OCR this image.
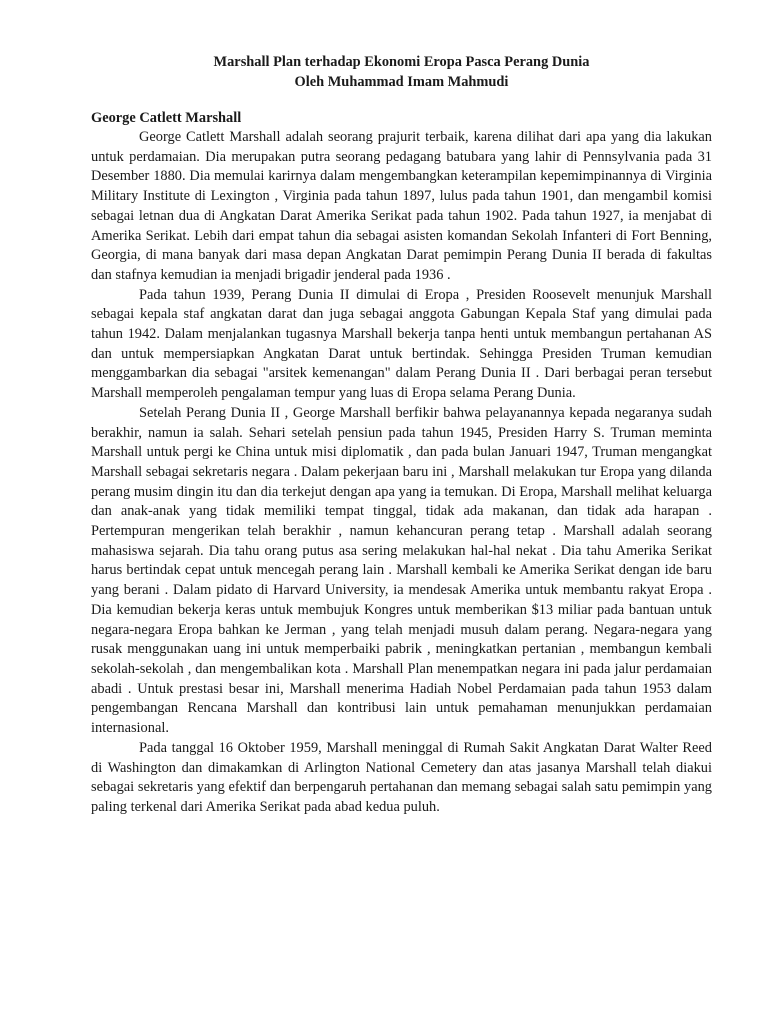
Marshall Plan terhadap Ekonomi Eropa Pasca Perang Dunia

Oleh Muhammad Imam Mahmudi

George Catlett Marshall

George Catlett Marshall adalah seorang prajurit terbaik, karena dilihat dari apa yang dia lakukan untuk perdamaian. Dia merupakan putra seorang pedagang batubara yang lahir di Pennsylvania pada 31 Desember 1880. Dia memulai karirnya dalam mengembangkan keterampilan kepemimpinannya di Virginia Military Institute di Lexington , Virginia pada tahun 1897, lulus pada tahun 1901, dan mengambil komisi sebagai letnan dua di Angkatan Darat Amerika Serikat pada tahun 1902. Pada tahun 1927, ia menjabat di Amerika Serikat. Lebih dari empat tahun dia sebagai asisten komandan Sekolah Infanteri di Fort Benning, Georgia, di mana banyak dari masa depan Angkatan Darat pemimpin Perang Dunia II berada di fakultas dan stafnya kemudian ia menjadi brigadir jenderal pada 1936 .

Pada tahun 1939, Perang Dunia II dimulai di Eropa , Presiden Roosevelt menunjuk Marshall sebagai kepala staf angkatan darat dan juga sebagai anggota Gabungan Kepala Staf yang dimulai pada tahun 1942. Dalam menjalankan tugasnya Marshall bekerja tanpa henti untuk membangun pertahanan AS dan untuk mempersiapkan Angkatan Darat untuk bertindak. Sehingga Presiden Truman kemudian menggambarkan dia sebagai "arsitek kemenangan" dalam Perang Dunia II . Dari berbagai peran tersebut Marshall memperoleh pengalaman tempur yang luas di Eropa selama Perang Dunia.

Setelah Perang Dunia II , George Marshall berfikir bahwa pelayanannya kepada negaranya sudah berakhir, namun ia salah. Sehari setelah pensiun pada tahun 1945, Presiden Harry S. Truman meminta Marshall untuk pergi ke China untuk misi diplomatik , dan pada bulan Januari 1947, Truman mengangkat Marshall sebagai sekretaris negara . Dalam pekerjaan baru ini , Marshall melakukan tur Eropa yang dilanda perang musim dingin itu dan dia terkejut dengan apa yang ia temukan. Di Eropa, Marshall melihat keluarga dan anak-anak yang tidak memiliki tempat tinggal, tidak ada makanan, dan tidak ada harapan . Pertempuran mengerikan telah berakhir , namun kehancuran perang tetap . Marshall adalah seorang mahasiswa sejarah. Dia tahu orang putus asa sering melakukan hal-hal nekat . Dia tahu Amerika Serikat harus bertindak cepat untuk mencegah perang lain . Marshall kembali ke Amerika Serikat dengan ide baru yang berani . Dalam pidato di Harvard University, ia mendesak Amerika untuk membantu rakyat Eropa . Dia kemudian bekerja keras untuk membujuk Kongres untuk memberikan $13 miliar pada bantuan untuk negara-negara Eropa bahkan ke Jerman , yang telah menjadi musuh dalam perang. Negara-negara yang rusak menggunakan uang ini untuk memperbaiki pabrik , meningkatkan pertanian , membangun kembali sekolah-sekolah , dan mengembalikan kota . Marshall Plan menempatkan negara ini pada jalur perdamaian abadi . Untuk prestasi besar ini, Marshall menerima Hadiah Nobel Perdamaian pada tahun 1953 dalam pengembangan Rencana Marshall dan kontribusi lain untuk pemahaman menunjukkan perdamaian internasional.

Pada tanggal 16 Oktober 1959, Marshall meninggal di Rumah Sakit Angkatan Darat Walter Reed di Washington dan dimakamkan di Arlington National Cemetery dan atas jasanya Marshall telah diakui sebagai sekretaris yang efektif dan berpengaruh pertahanan dan memang sebagai salah satu pemimpin yang paling terkenal dari Amerika Serikat pada abad kedua puluh.
